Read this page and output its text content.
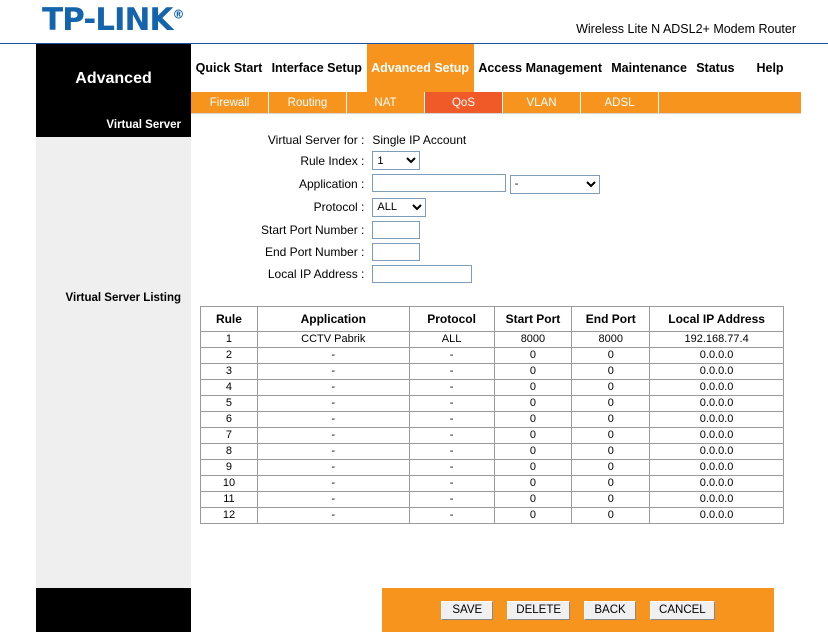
TP-LINK®
Wireless Lite N ADSL2+ Modem Router
Advanced
Quick Start Interface Setup Advanced Setup Access Management Maintenance Status Help
Firewall	Routing	NAT	QoS	VLAN	ADSL
Virtual Server
Virtual Server Listing
Virtual Server for :	Single IP Account
Rule Index :	
1
Application :	
-
Protocol :	
ALL
Start Port Number :	
End Port Number :	
Local IP Address :	
Rule	Application	Protocol	Start Port	End Port	Local IP Address
1	CCTV Pabrik	ALL	8000	8000	192.168.77.4
2	-	-	0	0	0.0.0.0
3	-	-	0	0	0.0.0.0
4	-	-	0	0	0.0.0.0
5	-	-	0	0	0.0.0.0
6	-	-	0	0	0.0.0.0
7	-	-	0	0	0.0.0.0
8	-	-	0	0	0.0.0.0
9	-	-	0	0	0.0.0.0
10	-	-	0	0	0.0.0.0
11	-	-	0	0	0.0.0.0
12	-	-	0	0	0.0.0.0
SAVE	DELETE	BACK	CANCEL
